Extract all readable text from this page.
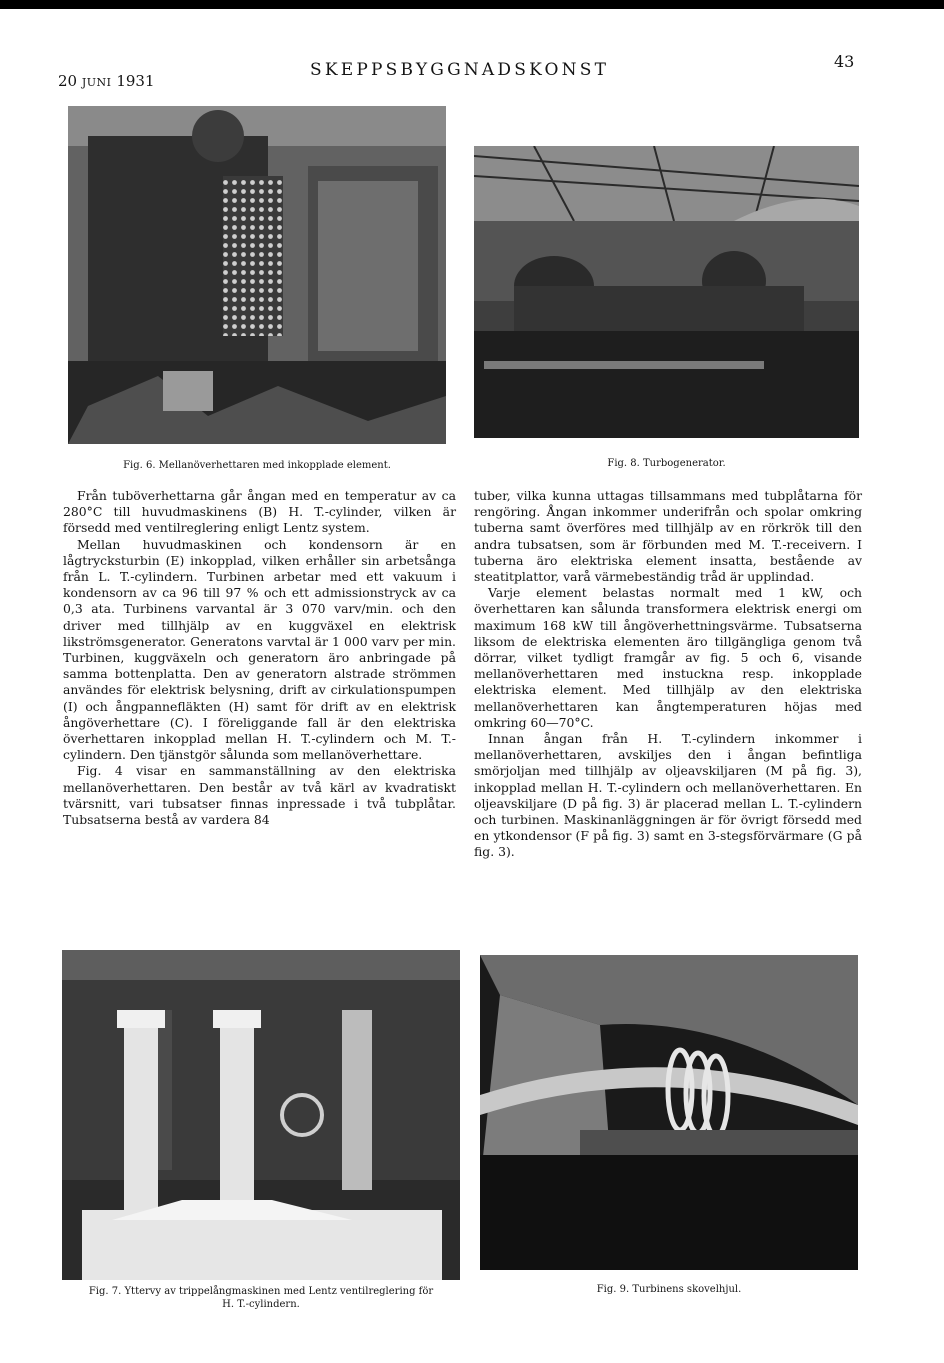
20 JUNI 1931
SKEPPSBYGGNADSKONST	43
Fig. 6. Mellanöverhettaren med inkopplade element.	Fig. 8. Turbogenerator.

Från tuböverhettarna går ångan med en temperatur av ca 280°C till huvudmaskinens (B) H. T.-cylinder, vilken är försedd med ventilreglering enligt Lentz system.

Mellan huvudmaskinen och kondensorn är en lågtrycksturbin (E) inkopplad, vilken erhåller sin arbetsånga från L. T.-cylindern. Turbinen arbetar med ett vakuum i kondensorn av ca 96 till 97 % och ett admissionstryck av ca 0,3 ata. Turbinens varvantal är 3 070 varv/min. och den driver med tillhjälp av en kuggväxel en elektrisk likströmsgenerator. Generatons varvtal är 1 000 varv per min. Turbinen, kuggväxeln och generatorn äro anbringade på samma bottenplatta. Den av generatorn alstrade strömmen användes för elektrisk belysning, drift av cirkulationspumpen (I) och ångpannefläkten (H) samt för drift av en elektrisk ångöverhettare (C). I föreliggande fall är den elektriska överhettaren inkopplad mellan H. T.-cylindern och M. T.-cylindern. Den tjänstgör sålunda som mellanöverhettare.

Fig. 4 visar en sammanställning av den elektriska mellanöverhettaren. Den består av två kärl av kvadratiskt tvärsnitt, vari tubsatser finnas inpressade i två tubplåtar. Tubsatserna bestå av vardera 84

tuber, vilka kunna uttagas tillsammans med tubplåtarna för rengöring. Ångan inkommer underifrån och spolar omkring tuberna samt överföres med tillhjälp av en rörkrök till den andra tubsatsen, som är förbunden med M. T.-receivern. I tuberna äro elektriska element insatta, bestående av steatitplattor, varå värmebeständig tråd är upplindad.

Varje element belastas normalt med 1 kW, och överhettaren kan sålunda transformera elektrisk energi om maximum 168 kW till ångöverhettningsvärme. Tubsatserna liksom de elektriska elementen äro tillgängliga genom två dörrar, vilket tydligt framgår av fig. 5 och 6, visande mellanöverhettaren med instuckna resp. inkopplade elektriska element. Med tillhjälp av den elektriska mellanöverhettaren kan ångtemperaturen höjas med omkring 60—70°C.

Innan ångan från H. T.-cylindern inkommer i mellanöverhettaren, avskiljes den i ångan befintliga smörjoljan med tillhjälp av oljeavskiljaren (M på fig. 3), inkopplad mellan H. T.-cylindern och mellanöverhettaren. En oljeavskiljare (D på fig. 3) är placerad mellan L. T.-cylindern och turbinen. Maskinanläggningen är för övrigt försedd med en ytkondensor (F på fig. 3) samt en 3-stegsförvärmare (G på fig. 3).

Fig. 7. Yttervy av trippelångmaskinen med Lentz ventilreglering för
H. T.-cylindern.
Fig. 9. Turbinens skovelhjul.
